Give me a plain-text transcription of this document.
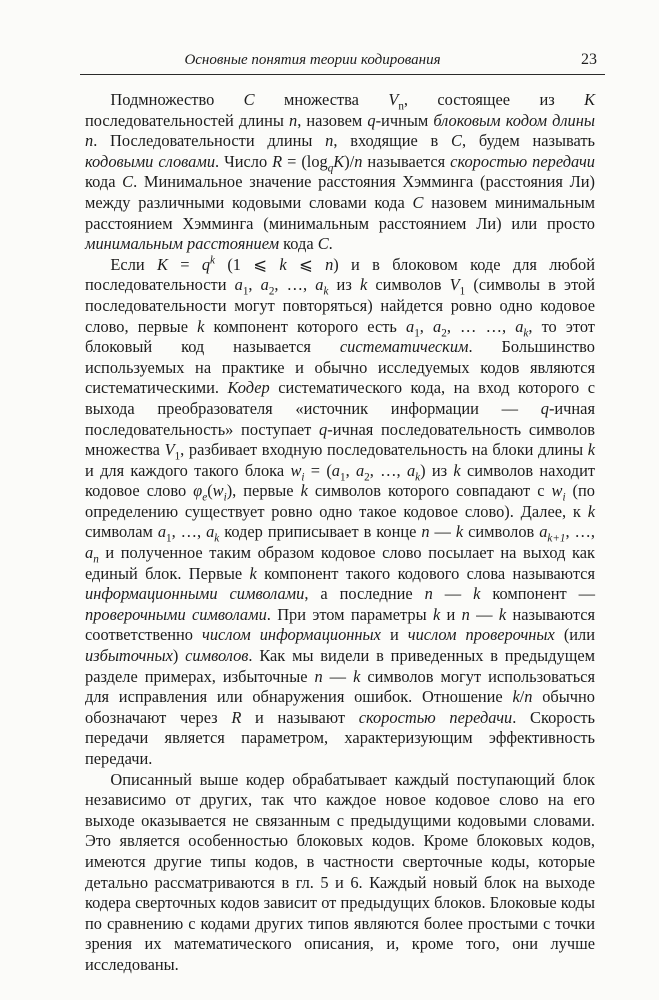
Основные понятия теории кодирования	23

Подмножество C множества $V_n$, состоящее из K последовательностей длины n, назовем q-ичным блоковым кодом длины n. Последовательности длины n, входящие в C, будем называть кодовыми словами. Число $R = (\log_qK)/n$ называется скоростью передачи кода C. Минимальное значение расстояния Хэмминга (расстояния Ли) между различными кодовыми словами кода C назовем минимальным расстоянием Хэмминга (минимальным расстоянием Ли) или просто минимальным расстоянием кода C.

Если $K = q^k$ (1 ⩽ k ⩽ n) и в блоковом коде для любой последовательности $a_1$, $a_2$, …, $a_k$ из k символов $V_1$ (символы в этой последовательности могут повторяться) найдется ровно одно кодовое слово, первые k компонент которого есть $a_1$, $a_2$, … …, $a_k$, то этот блоковый код называется систематическим. Большинство используемых на практике и обычно исследуемых кодов являются систематическими. Кодер систематического кода, на вход которого с выхода преобразователя «источник информации — q-ичная последовательность» поступает q-ичная последовательность символов множества $V_1$, разбивает входную последовательность на блоки длины k и для каждого такого блока $w_i = (a_1$, $a_2$, …, $a_k$) из k символов находит кодовое слово $\varphi_e(w_i)$, первые k символов которого совпадают с $w_i$ (по определению существует ровно одно такое кодовое слово). Далее, к k символам $a_1$, …, $a_k$ кодер приписывает в конце n — k символов $a_{k+1}$, …, $a_n$ и полученное таким образом кодовое слово посылает на выход как единый блок. Первые k компонент такого кодового слова называются информационными символами, а последние n — k компонент — проверочными символами. При этом параметры k и n — k называются соответственно числом информационных и числом проверочных (или избыточных) символов. Как мы видели в приведенных в предыдущем разделе примерах, избыточные n — k символов могут использоваться для исправления или обнаружения ошибок. Отношение k/n обычно обозначают через R и называют скоростью передачи. Скорость передачи является параметром, характеризующим эффективность передачи.

Описанный выше кодер обрабатывает каждый поступающий блок независимо от других, так что каждое новое кодовое слово на его выходе оказывается не связанным с предыдущими кодовыми словами. Это является особенностью блоковых кодов. Кроме блоковых кодов, имеются другие типы кодов, в частности сверточные коды, которые детально рассматриваются в гл. 5 и 6. Каждый новый блок на выходе кодера сверточных кодов зависит от предыдущих блоков. Блоковые коды по сравнению с кодами других типов являются более простыми с точки зрения их математического описания, и, кроме того, они лучше исследованы.
